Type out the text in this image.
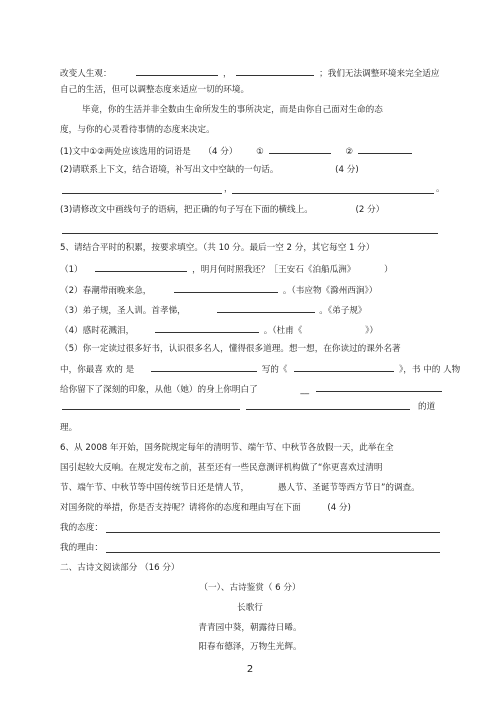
改变人生观：	，	；我们无法调整环境来完全适应
自己的生活，但可以调整态度来适应一切的环境。
毕竟，你的生活并非全数由生命所发生的事所决定，而是由你自己面对生命的态
度，与你的心灵看待事情的态度来决定。
(1)文中①②两处应该选用的词语是 （4 分） ①	②
(2)请联系上下文，结合语境，补写出文中空缺的一句话。	(4 分)
，	。
(3)请修改文中画线句子的语病，把正确的句子写在下面的横线上。	(2 分）
5、请结合平时的积累，按要求填空。（共 10 分。最后一空 2 分，其它每空 1 分）
（1）	，明月何时照我还？［王安石《泊船瓜洲》	）
（2）春潮带雨晚来急，	。（韦应物《滁州西涧》）
（3）弟子规，圣人训。首孝悌，	。《弟子规》
（4）感时花溅泪，	。（杜甫《	》）
（5）你一定读过很多好书，认识很多名人，懂得很多道理。想一想，在你读过的课外名著
中，你最喜 欢的 是	写的《	》，书 中的 人物
给你留下了深刻的印象，从他（她）的身上你明白了	__
的道
理。
6、从 2008 年开始，国务院规定每年的清明节、端午节、中秋节各放假一天，此举在全
国引起较大反响。在规定发布之前，甚至还有一些民意测评机构做了“你更喜欢过清明
节、端午节、中秋节等中国传统节日还是情人节，	愚人节、圣诞节等西方节日”的调查。
对国务院的举措，你是否支持呢？请将你的态度和理由写在下面	(4 分)
我的态度：
我的理由：
二、古诗文阅读部分 （16 分）
（一）、古诗鉴赏（ 6 分）
长歌行
青青园中葵，朝露待日晞。
阳春布德泽，万物生光辉。
2
